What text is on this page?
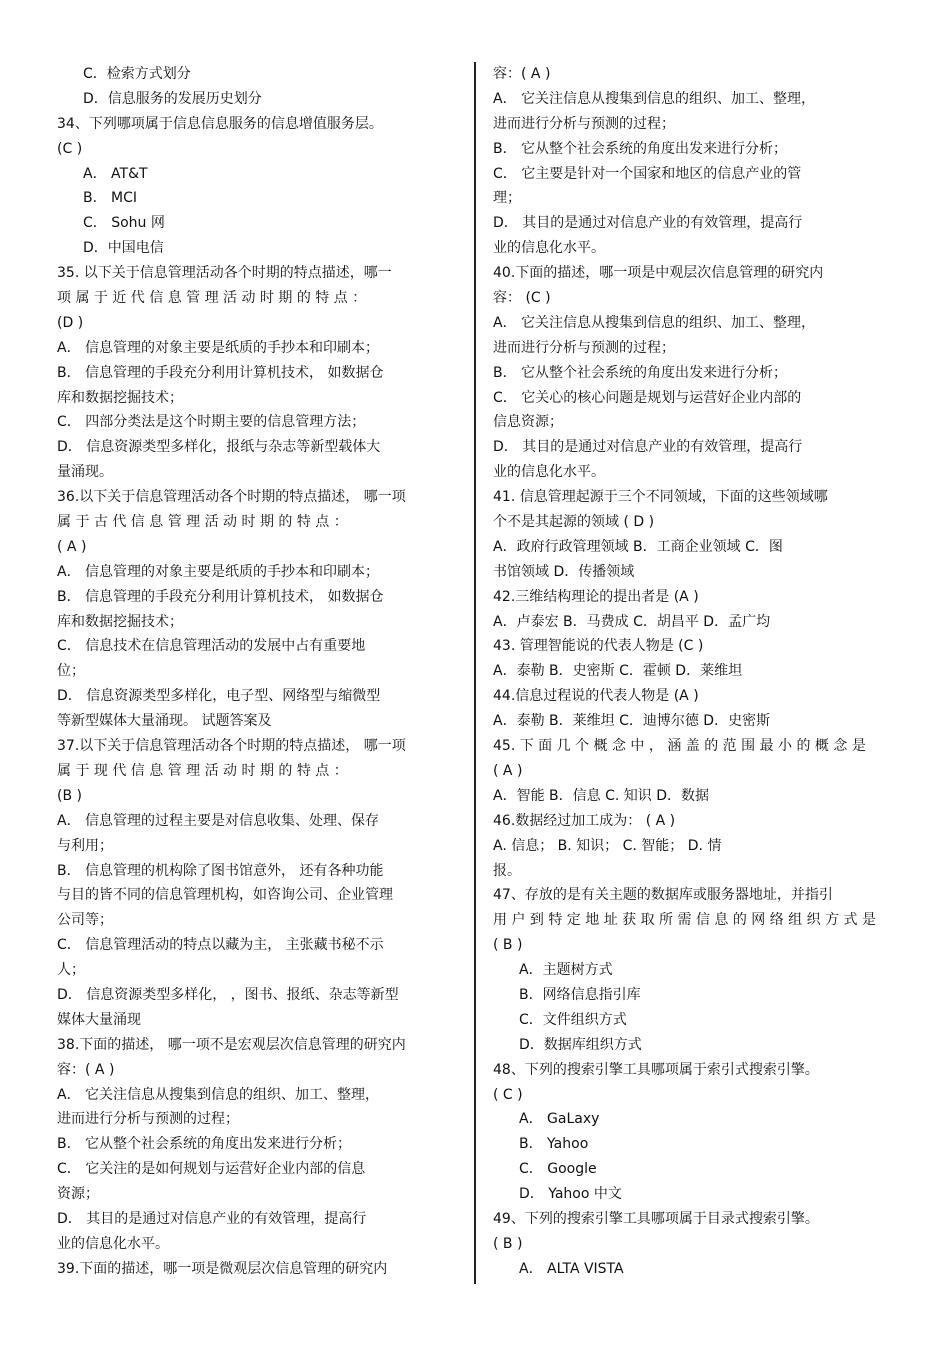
C．检索方式划分
D．信息服务的发展历史划分
34、下列哪项属于信息信息服务的信息增值服务层。
(C )
A． AT&T
B． MCI
C． Sohu 网
D．中国电信
35. 以下关于信息管理活动各个时期的特点描述，哪一
项 属 于 近 代 信 息 管 理 活 动 时 期 的 特 点 ：
(D )
A． 信息管理的对象主要是纸质的手抄本和印刷本；
B． 信息管理的手段充分利用计算机技术， 如数据仓
库和数据挖掘技术；
C． 四部分类法是这个时期主要的信息管理方法；
D． 信息资源类型多样化，报纸与杂志等新型载体大
量涌现。
36.以下关于信息管理活动各个时期的特点描述， 哪一项
属 于 古 代 信 息 管 理 活 动 时 期 的 特 点 ：
( A )
A． 信息管理的对象主要是纸质的手抄本和印刷本；
B． 信息管理的手段充分利用计算机技术， 如数据仓
库和数据挖掘技术；
C． 信息技术在信息管理活动的发展中占有重要地
位；
D． 信息资源类型多样化，电子型、网络型与缩微型
等新型媒体大量涌现。 试题答案及
37.以下关于信息管理活动各个时期的特点描述， 哪一项
属 于 现 代 信 息 管 理 活 动 时 期 的 特 点 ：
(B )
A． 信息管理的过程主要是对信息收集、处理、保存
与利用；
B． 信息管理的机构除了图书馆意外， 还有各种功能
与目的皆不同的信息管理机构，如咨询公司、企业管理
公司等；
C． 信息管理活动的特点以藏为主， 主张藏书秘不示
人；
D． 信息资源类型多样化， ，图书、报纸、杂志等新型
媒体大量涌现
38.下面的描述， 哪一项不是宏观层次信息管理的研究内
容：( A )
A． 它关注信息从搜集到信息的组织、加工、整理，
进而进行分析与预测的过程；
B． 它从整个社会系统的角度出发来进行分析；
C． 它关注的是如何规划与运营好企业内部的信息
资源；
D． 其目的是通过对信息产业的有效管理，提高行
业的信息化水平。
39.下面的描述，哪一项是微观层次信息管理的研究内
容：( A )
A． 它关注信息从搜集到信息的组织、加工、整理，
进而进行分析与预测的过程；
B． 它从整个社会系统的角度出发来进行分析；
C． 它主要是针对一个国家和地区的信息产业的管
理；
D． 其目的是通过对信息产业的有效管理，提高行
业的信息化水平。
40.下面的描述，哪一项是中观层次信息管理的研究内
容： (C )
A． 它关注信息从搜集到信息的组织、加工、整理，
进而进行分析与预测的过程；
B． 它从整个社会系统的角度出发来进行分析；
C． 它关心的核心问题是规划与运营好企业内部的
信息资源；
D． 其目的是通过对信息产业的有效管理，提高行
业的信息化水平。
41. 信息管理起源于三个不同领域，下面的这些领域哪
个不是其起源的领域 ( D )
A．政府行政管理领域 B．工商企业领域 C．图
书馆领域 D．传播领域
42.三维结构理论的提出者是 (A )
A．卢泰宏 B．马费成 C．胡昌平 D．孟广均
43. 管理智能说的代表人物是 (C )
A．泰勒 B．史密斯 C．霍顿 D．莱维坦
44.信息过程说的代表人物是 (A )
A．泰勒 B．莱维坦 C．迪博尔德 D．史密斯
45. 下 面 几 个 概 念 中 ， 涵 盖 的 范 围 最 小 的 概 念 是
( A )
A．智能 B．信息 C. 知识 D．数据
46.数据经过加工成为： ( A )
A. 信息； B. 知识； C. 智能； D. 情
报。
47、存放的是有关主题的数据库或服务器地址，并指引
用 户 到 特 定 地 址 获 取 所 需 信 息 的 网 络 组 织 方 式 是
( B )
A．主题树方式
B．网络信息指引库
C．文件组织方式
D．数据库组织方式
48、下列的搜索引擎工具哪项属于索引式搜索引擎。
( C )
A． GaLaxy
B． Yahoo
C． Google
D． Yahoo 中文
49、下列的搜索引擎工具哪项属于目录式搜索引擎。
( B )
A． ALTA VISTA
